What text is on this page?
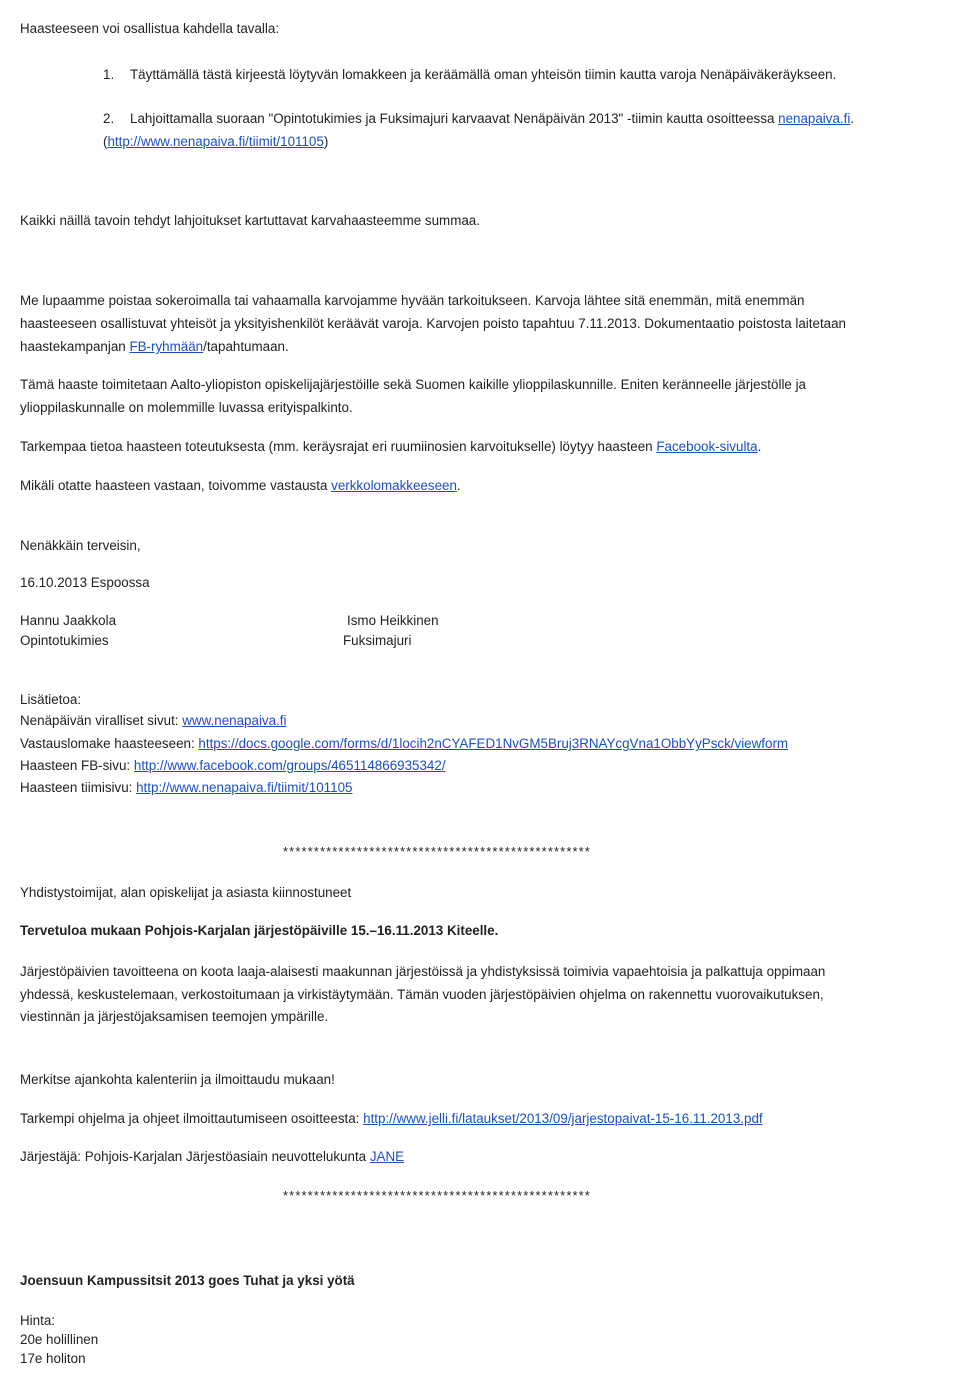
Haasteeseen voi osallistua kahdella tavalla:
1. Täyttämällä tästä kirjeestä löytyvän lomakkeen ja keräämällä oman yhteisön tiimin kautta varoja Nenäpäiväkeräykseen.
2. Lahjoittamalla suoraan "Opintotukimies ja Fuksimajuri karvaavat Nenäpäivän 2013" -tiimin kautta osoitteessa nenapaiva.fi.
(http://www.nenapaiva.fi/tiimit/101105)
Kaikki näillä tavoin tehdyt lahjoitukset kartuttavat karvahaasteemme summaa.
Me lupaamme poistaa sokeroimalla tai vahaamalla karvojamme hyvään tarkoitukseen. Karvoja lähtee sitä enemmän, mitä enemmän
haasteeseen osallistuvat yhteisöt ja yksityishenkilöt keräävät varoja. Karvojen poisto tapahtuu 7.11.2013. Dokumentaatio poistosta laitetaan
haastekampanjan FB-ryhmään/tapahtumaan.
Tämä haaste toimitetaan Aalto-yliopiston opiskelijajärjestöille sekä Suomen kaikille ylioppilaskunnille. Eniten keränneelle järjestölle ja
ylioppilaskunnalle on molemmille luvassa erityispalkinto.
Tarkempaa tietoa haasteen toteutuksesta (mm. keräysrajat eri ruumiinosien karvoitukselle) löytyy haasteen Facebook-sivulta.
Mikäli otatte haasteen vastaan, toivomme vastausta verkkolomakkeeseen.
Nenäkkäin terveisin,
16.10.2013 Espoossa
Hannu Jaakkola
Opintotukimies
Ismo Heikkinen
Fuksimajuri
Lisätietoa:
Nenäpäivän viralliset sivut: www.nenapaiva.fi
Vastauslomake haasteeseen: https://docs.google.com/forms/d/1locih2nCYAFED1NvGM5Bruj3RNAYcgVna1ObbYyPsck/viewform
Haasteen FB-sivu: http://www.facebook.com/groups/465114866935342/
Haasteen tiimisivu: http://www.nenapaiva.fi/tiimit/101105
**************************************************
Yhdistystoimijat, alan opiskelijat ja asiasta kiinnostuneet
Tervetuloa mukaan Pohjois-Karjalan järjestöpäiville 15.–16.11.2013 Kiteelle.
Järjestöpäivien tavoitteena on koota laaja-alaisesti maakunnan järjestöissä ja yhdistyksissä toimivia vapaehtoisia ja palkattuja oppimaan
yhdessä, keskustelemaan, verkostoitumaan ja virkistäytymään. Tämän vuoden järjestöpäivien ohjelma on rakennettu vuorovaikutuksen,
viestinnän ja järjestöjaksamisen teemojen ympärille.
Merkitse ajankohta kalenteriin ja ilmoittaudu mukaan!
Tarkempi ohjelma ja ohjeet ilmoittautumiseen osoitteesta: http://www.jelli.fi/lataukset/2013/09/jarjestopaivat-15-16.11.2013.pdf
Järjestäjä: Pohjois-Karjalan Järjestöasiain neuvottelukunta JANE
**************************************************
Joensuun Kampussitsit 2013 goes Tuhat ja yksi yötä
Hinta:
20e holillinen
17e holiton
